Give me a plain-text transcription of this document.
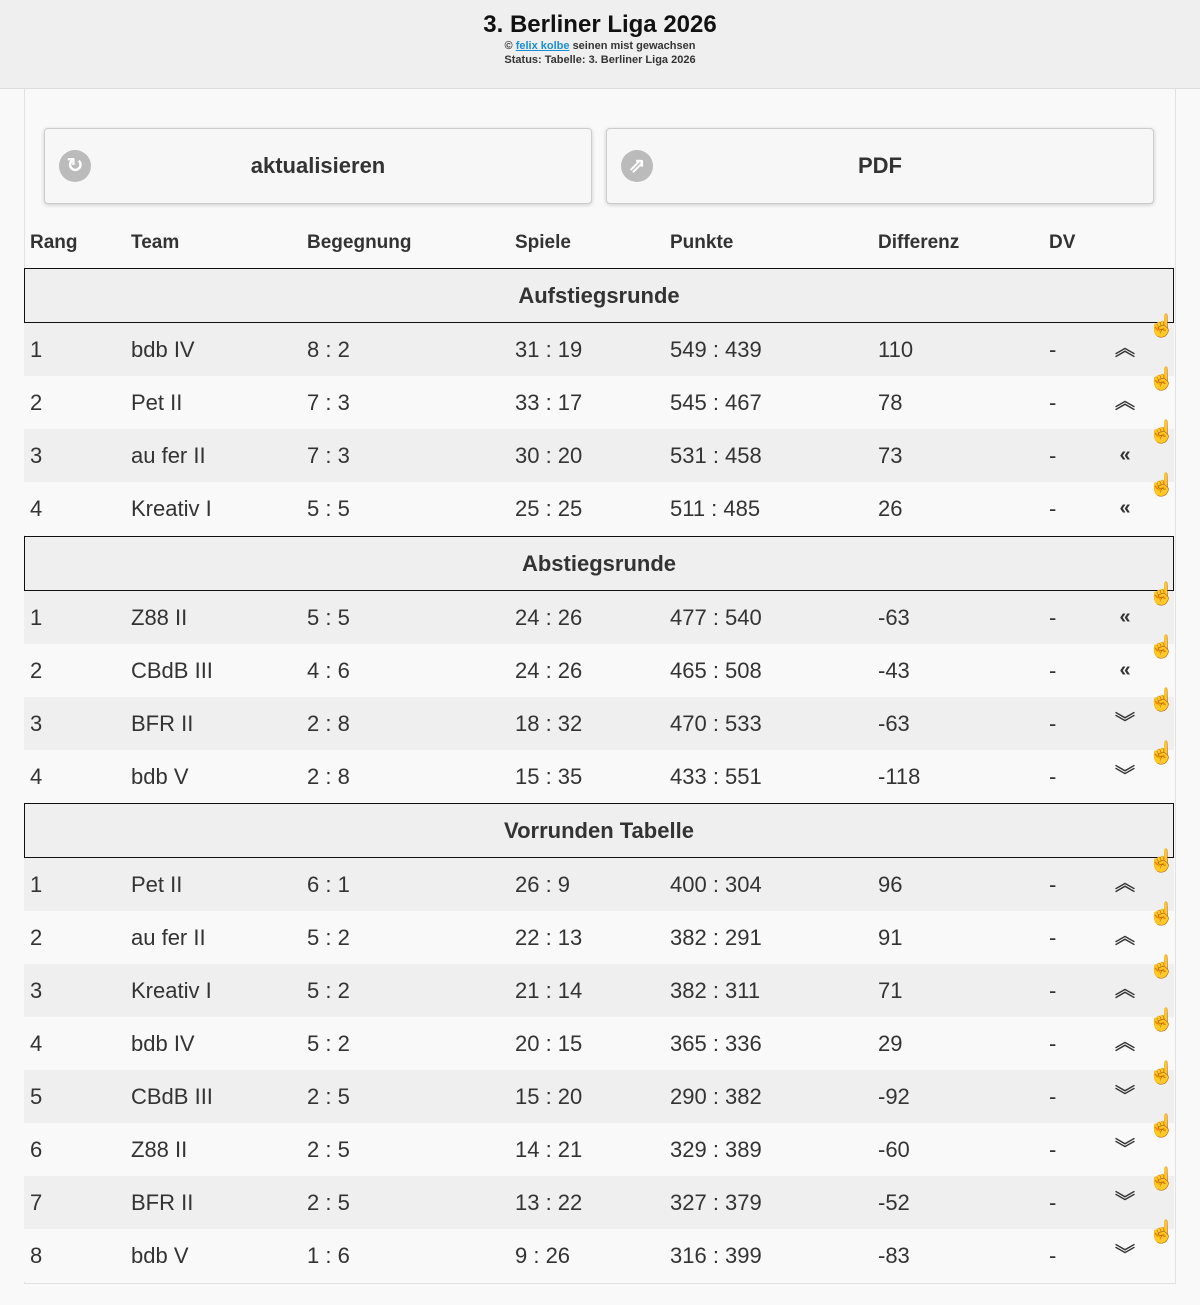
3. Berliner Liga 2026
© felix kolbe seinen mist gewachsen
Status: Tabelle: 3. Berliner Liga 2026
↻	aktualisieren	⇗	PDF
Rang	Team	Begegnung	Spiele	Punkte	Differenz	DV
Aufstiegsrunde
1	bdb IV	8 : 2	31 : 19	549 : 439	110	-	︽
☝
2	Pet II	7 : 3	33 : 17	545 : 467	78	-	︽
☝
3	au fer II	7 : 3	30 : 20	531 : 458	73	-	«
☝
4	Kreativ I	5 : 5	25 : 25	511 : 485	26	-	«
☝
Abstiegsrunde
1	Z88 II	5 : 5	24 : 26	477 : 540	-63	-	«
☝
2	CBdB III	4 : 6	24 : 26	465 : 508	-43	-	«
☝
3	BFR II	2 : 8	18 : 32	470 : 533	-63	-	︾
☝
4	bdb V	2 : 8	15 : 35	433 : 551	-118	-	︾
☝
Vorrunden Tabelle
1	Pet II	6 : 1	26 : 9	400 : 304	96	-	︽
☝
2	au fer II	5 : 2	22 : 13	382 : 291	91	-	︽
☝
3	Kreativ I	5 : 2	21 : 14	382 : 311	71	-	︽
☝
4	bdb IV	5 : 2	20 : 15	365 : 336	29	-	︽
☝
5	CBdB III	2 : 5	15 : 20	290 : 382	-92	-	︾
☝
6	Z88 II	2 : 5	14 : 21	329 : 389	-60	-	︾
☝
7	BFR II	2 : 5	13 : 22	327 : 379	-52	-	︾
☝
8	bdb V	1 : 6	9 : 26	316 : 399	-83	-	︾
☝
